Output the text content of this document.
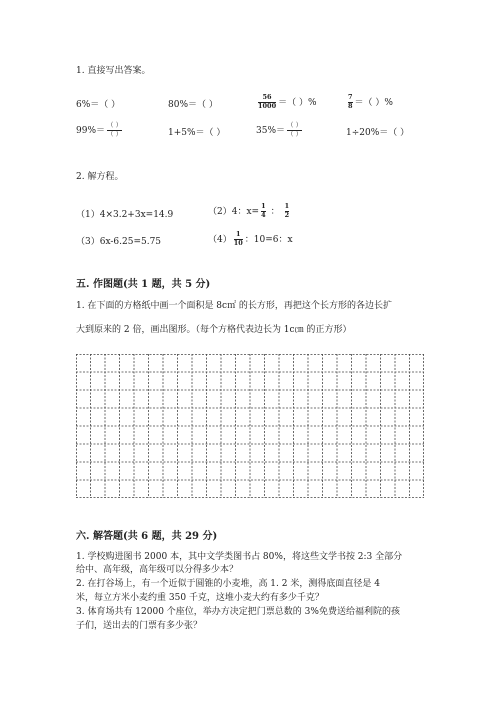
1. 直接写出答案。
6%＝（ ）	80%＝（ ）	$\frac{56}{1000}$ ＝（ ）%	$\frac{7}{8}$ ＝（ ）%
$99\%= \frac{( )}{( )}$	1+5%＝（ ）	$35\%= \frac{( )}{( )}$	1÷20%＝（ ）
2. 解方程。
（1）4×3.2+3x=14.9	（2）4：$x= \frac{1}{4}$ ： $\frac{1}{2}$
（3）6x-6.25=5.75	$(4) \frac{1}{10}$ ：10=6：x
五. 作图题(共 1 题，共 5 分)
1. 在下面的方格纸中画一个面积是 8c㎡ 的长方形，再把这个长方形的各边长扩
大到原来的 2 倍，画出图形。（每个方格代表边长为 1c㎝ 的正方形）
六. 解答题(共 6 题，共 29 分)
1. 学校购进图书 2000 本，其中文学类图书占 80%，将这些文学书按 2:3 全部分
给中、高年级，高年级可以分得多少本？
2. 在打谷场上，有一个近似于圆锥的小麦堆，高 1. 2 米，测得底面直径是 4
米，每立方米小麦约重 350 千克，这堆小麦大约有多少千克？
3. 体育场共有 12000 个座位，举办方决定把门票总数的 3%免费送给福利院的孩
子们，送出去的门票有多少张？
